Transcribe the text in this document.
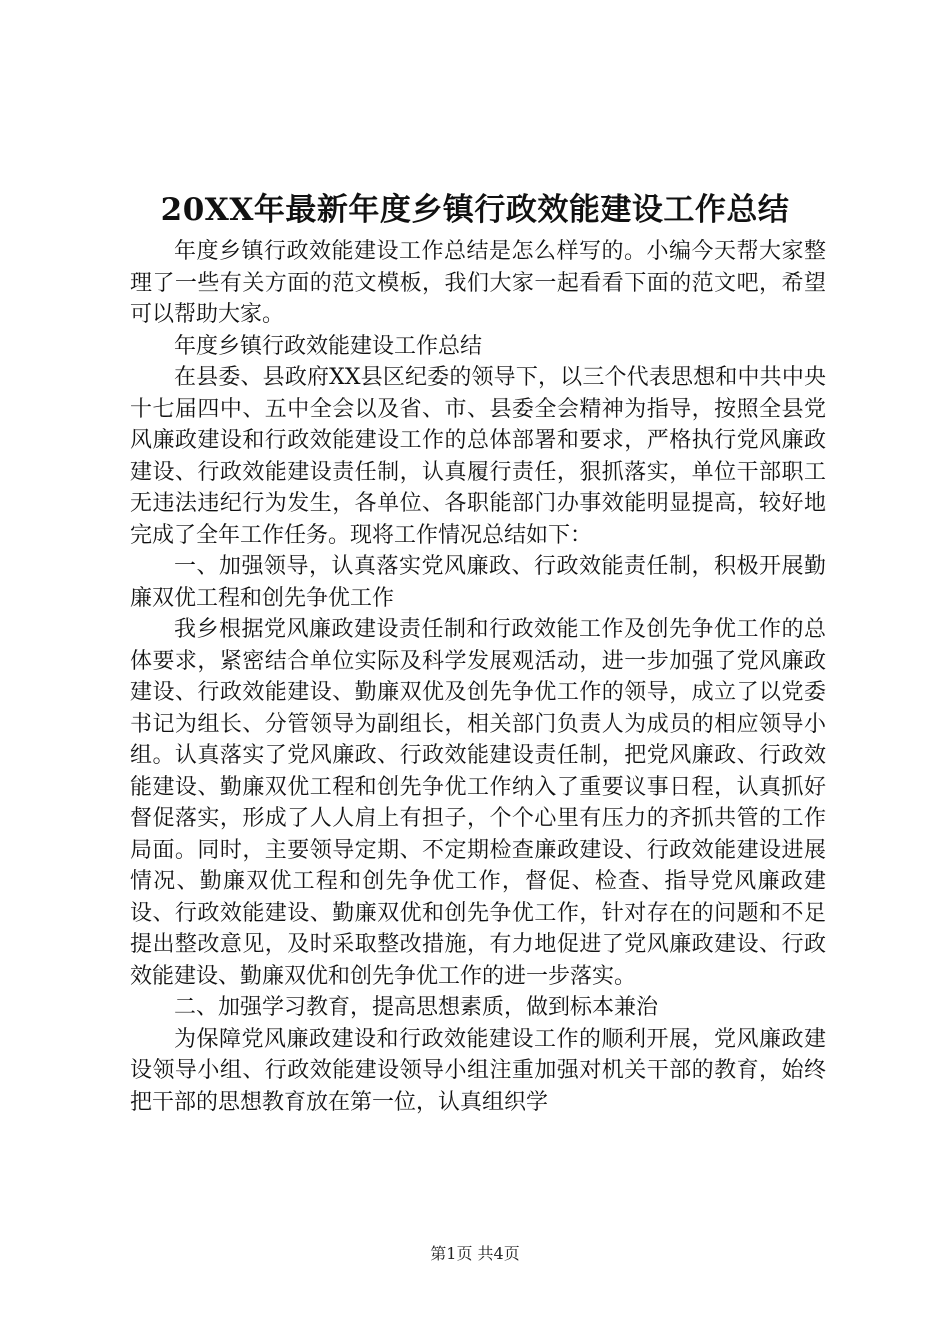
20XX年最新年度乡镇行政效能建设工作总结

年度乡镇行政效能建设工作总结是怎么样写的。小编今天帮大家整理了一些有关方面的范文模板，我们大家一起看看下面的范文吧，希望可以帮助大家。

年度乡镇行政效能建设工作总结

在县委、县政府XX县区纪委的领导下，以三个代表思想和中共中央十七届四中、五中全会以及省、市、县委全会精神为指导，按照全县党风廉政建设和行政效能建设工作的总体部署和要求，严格执行党风廉政建设、行政效能建设责任制，认真履行责任，狠抓落实，单位干部职工无违法违纪行为发生，各单位、各职能部门办事效能明显提高，较好地完成了全年工作任务。现将工作情况总结如下：

一、加强领导，认真落实党风廉政、行政效能责任制，积极开展勤廉双优工程和创先争优工作

我乡根据党风廉政建设责任制和行政效能工作及创先争优工作的总体要求，紧密结合单位实际及科学发展观活动，进一步加强了党风廉政建设、行政效能建设、勤廉双优及创先争优工作的领导，成立了以党委书记为组长、分管领导为副组长，相关部门负责人为成员的相应领导小组。认真落实了党风廉政、行政效能建设责任制，把党风廉政、行政效能建设、勤廉双优工程和创先争优工作纳入了重要议事日程，认真抓好督促落实，形成了人人肩上有担子，个个心里有压力的齐抓共管的工作局面。同时，主要领导定期、不定期检查廉政建设、行政效能建设进展情况、勤廉双优工程和创先争优工作，督促、检查、指导党风廉政建设、行政效能建设、勤廉双优和创先争优工作，针对存在的问题和不足提出整改意见，及时采取整改措施，有力地促进了党风廉政建设、行政效能建设、勤廉双优和创先争优工作的进一步落实。

二、加强学习教育，提高思想素质，做到标本兼治

为保障党风廉政建设和行政效能建设工作的顺利开展，党风廉政建设领导小组、行政效能建设领导小组注重加强对机关干部的教育，始终把干部的思想教育放在第一位，认真组织学

第1页 共4页
